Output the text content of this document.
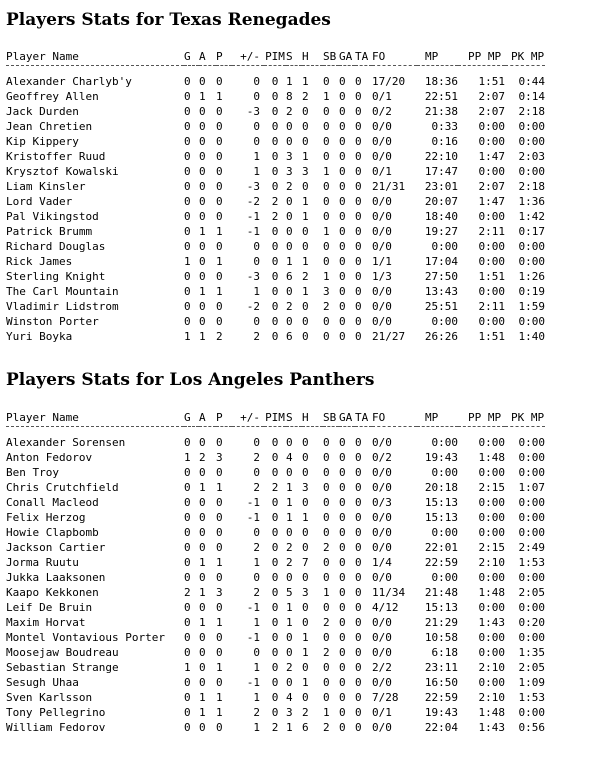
Players Stats for Texas Renegades
Player Name	G	A	P	+/-	PIM	S	H	SB	GA	TA	FO	MP	PP MP	PK MP

Alexander Charlyb'y	0	0	0	0	0	1	1	0	0	0	17/20	18:36	1:51	0:44
Geoffrey Allen	0	1	1	0	0	8	2	1	0	0	0/1	22:51	2:07	0:14
Jack Durden	0	0	0	-3	0	2	0	0	0	0	0/2	21:38	2:07	2:18
Jean Chretien	0	0	0	0	0	0	0	0	0	0	0/0	0:33	0:00	0:00
Kip Kippery	0	0	0	0	0	0	0	0	0	0	0/0	0:16	0:00	0:00
Kristoffer Ruud	0	0	0	1	0	3	1	0	0	0	0/0	22:10	1:47	2:03
Krysztof Kowalski	0	0	0	1	0	3	3	1	0	0	0/1	17:47	0:00	0:00
Liam Kinsler	0	0	0	-3	0	2	0	0	0	0	21/31	23:01	2:07	2:18
Lord Vader	0	0	0	-2	2	0	1	0	0	0	0/0	20:07	1:47	1:36
Pal Vikingstod	0	0	0	-1	2	0	1	0	0	0	0/0	18:40	0:00	1:42
Patrick Brumm	0	1	1	-1	0	0	0	1	0	0	0/0	19:27	2:11	0:17
Richard Douglas	0	0	0	0	0	0	0	0	0	0	0/0	0:00	0:00	0:00
Rick James	1	0	1	0	0	1	1	0	0	0	1/1	17:04	0:00	0:00
Sterling Knight	0	0	0	-3	0	6	2	1	0	0	1/3	27:50	1:51	1:26
The Carl Mountain	0	1	1	1	0	0	1	3	0	0	0/0	13:43	0:00	0:19
Vladimir Lidstrom	0	0	0	-2	0	2	0	2	0	0	0/0	25:51	2:11	1:59
Winston Porter	0	0	0	0	0	0	0	0	0	0	0/0	0:00	0:00	0:00
Yuri Boyka	1	1	2	2	0	6	0	0	0	0	21/27	26:26	1:51	1:40
Players Stats for Los Angeles Panthers
Player Name	G	A	P	+/-	PIM	S	H	SB	GA	TA	FO	MP	PP MP	PK MP

Alexander Sorensen	0	0	0	0	0	0	0	0	0	0	0/0	0:00	0:00	0:00
Anton Fedorov	1	2	3	2	0	4	0	0	0	0	0/2	19:43	1:48	0:00
Ben Troy	0	0	0	0	0	0	0	0	0	0	0/0	0:00	0:00	0:00
Chris Crutchfield	0	1	1	2	2	1	3	0	0	0	0/0	20:18	2:15	1:07
Conall Macleod	0	0	0	-1	0	1	0	0	0	0	0/3	15:13	0:00	0:00
Felix Herzog	0	0	0	-1	0	1	1	0	0	0	0/0	15:13	0:00	0:00
Howie Clapbomb	0	0	0	0	0	0	0	0	0	0	0/0	0:00	0:00	0:00
Jackson Cartier	0	0	0	2	0	2	0	2	0	0	0/0	22:01	2:15	2:49
Jorma Ruutu	0	1	1	1	0	2	7	0	0	0	1/4	22:59	2:10	1:53
Jukka Laaksonen	0	0	0	0	0	0	0	0	0	0	0/0	0:00	0:00	0:00
Kaapo Kekkonen	2	1	3	2	0	5	3	1	0	0	11/34	21:48	1:48	2:05
Leif De Bruin	0	0	0	-1	0	1	0	0	0	0	4/12	15:13	0:00	0:00
Maxim Horvat	0	1	1	1	0	1	0	2	0	0	0/0	21:29	1:43	0:20
Montel Vontavious Porter	0	0	0	-1	0	0	1	0	0	0	0/0	10:58	0:00	0:00
Moosejaw Boudreau	0	0	0	0	0	0	1	2	0	0	0/0	6:18	0:00	1:35
Sebastian Strange	1	0	1	1	0	2	0	0	0	0	2/2	23:11	2:10	2:05
Sesugh Uhaa	0	0	0	-1	0	0	1	0	0	0	0/0	16:50	0:00	1:09
Sven Karlsson	0	1	1	1	0	4	0	0	0	0	7/28	22:59	2:10	1:53
Tony Pellegrino	0	1	1	2	0	3	2	1	0	0	0/1	19:43	1:48	0:00
William Fedorov	0	0	0	1	2	1	6	2	0	0	0/0	22:04	1:43	0:56
